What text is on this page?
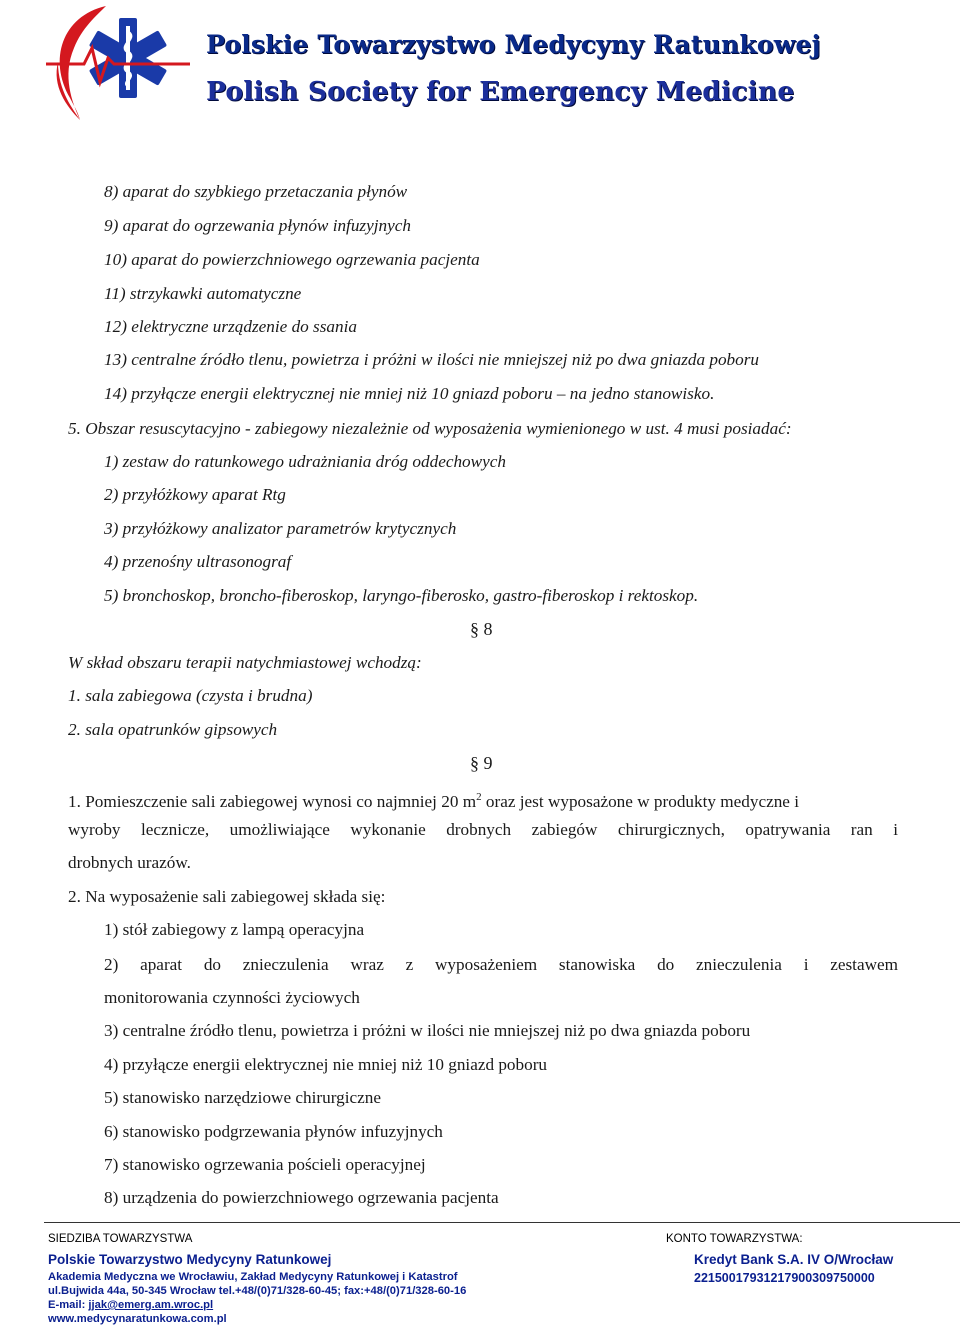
Polskie Towarzystwo Medycyny Ratunkowej

Polish Society for Emergency Medicine

8) aparat do szybkiego przetaczania płynów

9) aparat do ogrzewania płynów infuzyjnych

10) aparat do powierzchniowego ogrzewania pacjenta

11) strzykawki automatyczne

12) elektryczne urządzenie do ssania

13) centralne źródło tlenu, powietrza i próżni w ilości nie mniejszej niż po dwa gniazda poboru

14) przyłącze energii elektrycznej nie mniej niż 10 gniazd poboru – na jedno stanowisko.

5. Obszar resuscytacyjno - zabiegowy niezależnie od wyposażenia wymienionego w ust. 4 musi posiadać:

1) zestaw do ratunkowego udrażniania dróg oddechowych

2) przyłóżkowy aparat Rtg

3) przyłóżkowy analizator parametrów krytycznych

4) przenośny ultrasonograf

5) bronchoskop, broncho-fiberoskop, laryngo-fiberosko, gastro-fiberoskop i rektoskop.

§ 8

W skład obszaru terapii natychmiastowej wchodzą:

1. sala zabiegowa (czysta i brudna)

2. sala opatrunków gipsowych

§ 9

1. Pomieszczenie sali zabiegowej wynosi co najmniej 20 $m^2$ oraz jest wyposażone w produkty medyczne i

wyroby lecznicze, umożliwiające wykonanie drobnych zabiegów chirurgicznych, opatrywania ran i

drobnych urazów.

2. Na wyposażenie sali zabiegowej składa się:

1) stół zabiegowy z lampą operacyjna

2) aparat do znieczulenia wraz z wyposażeniem stanowiska do znieczulenia i zestawem

monitorowania czynności życiowych

3) centralne źródło tlenu, powietrza i próżni w ilości nie mniejszej niż po dwa gniazda poboru

4) przyłącze energii elektrycznej nie mniej niż 10 gniazd poboru

5) stanowisko narzędziowe chirurgiczne

6) stanowisko podgrzewania płynów infuzyjnych

7) stanowisko ogrzewania pościeli operacyjnej

8) urządzenia do powierzchniowego ogrzewania pacjenta

SIEDZIBA TOWARZYSTWA	KONTO TOWARZYSTWA:

Polskie Towarzystwo Medycyny Ratunkowej	Kredyt Bank S.A. IV O/Wrocław

Akademia Medyczna we Wrocławiu, Zakład Medycyny Ratunkowej i Katastrof	22150017931217900309750000

ul.Bujwida 44a, 50-345 Wrocław tel.+48/(0)71/328-60-45; fax:+48/(0)71/328-60-16

E-mail: jjak@emerg.am.wroc.pl

www.medycynaratunkowa.com.pl
